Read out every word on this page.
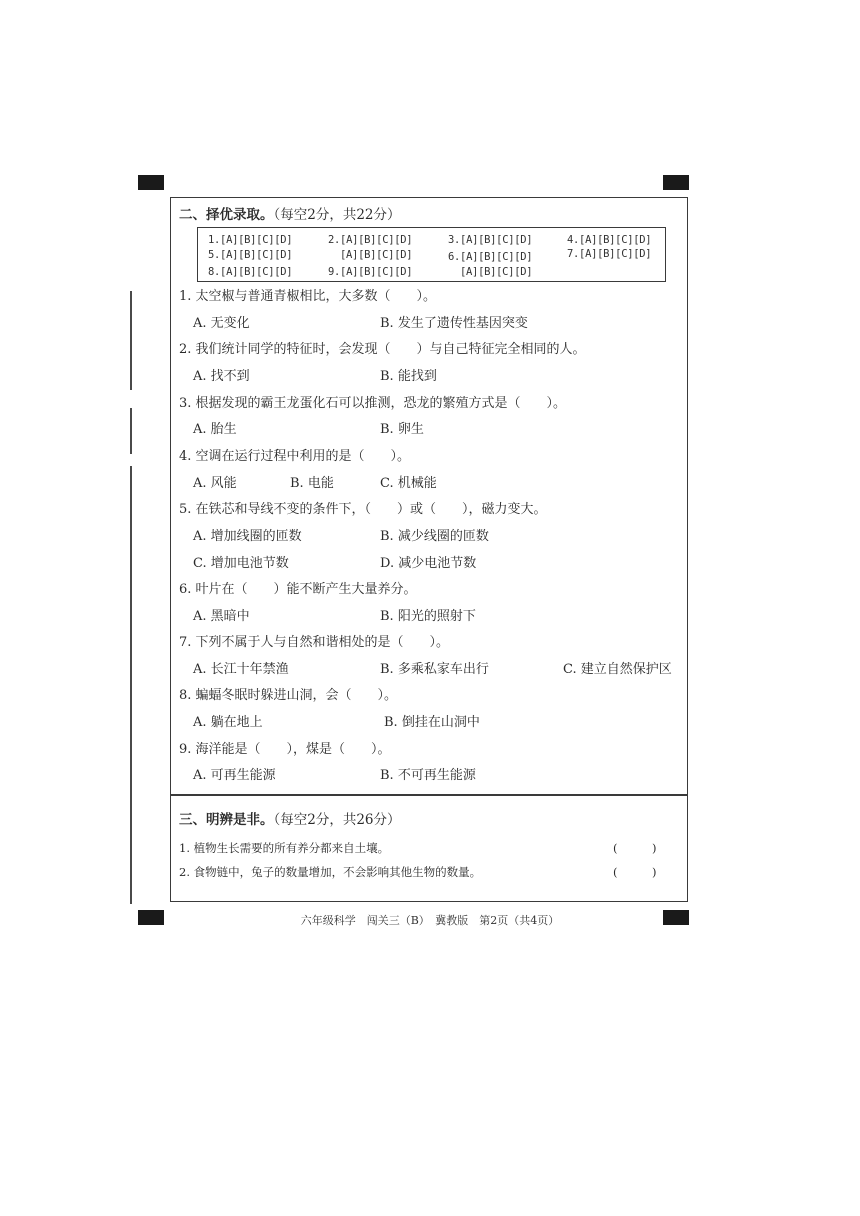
二、择优录取。（每空2分，共22分）
1.[A][B][C][D]	2.[A][B][C][D]	3.[A][B][C][D]	4.[A][B][C][D]
5.[A][B][C][D]	[A][B][C][D]	6.[A][B][C][D]	7.[A][B][C][D]
8.[A][B][C][D]	9.[A][B][C][D]	[A][B][C][D]
1. 太空椒与普通青椒相比，大多数（　　）。
A. 无变化	B. 发生了遗传性基因突变
2. 我们统计同学的特征时，会发现（　　）与自己特征完全相同的人。
A. 找不到	B. 能找到
3. 根据发现的霸王龙蛋化石可以推测，恐龙的繁殖方式是（　　）。
A. 胎生	B. 卵生
4. 空调在运行过程中利用的是（　　）。
A. 风能	B. 电能	C. 机械能
5. 在铁芯和导线不变的条件下，（　　）或（　　），磁力变大。
A. 增加线圈的匝数	B. 减少线圈的匝数
C. 增加电池节数	D. 减少电池节数
6. 叶片在（　　）能不断产生大量养分。
A. 黑暗中	B. 阳光的照射下
7. 下列不属于人与自然和谐相处的是（　　）。
A. 长江十年禁渔	B. 多乘私家车出行	C. 建立自然保护区
8. 蝙蝠冬眠时躲进山洞，会（　　）。
A. 躺在地上	B. 倒挂在山洞中
9. 海洋能是（　　），煤是（　　）。
A. 可再生能源	B. 不可再生能源
三、明辨是非。（每空2分，共26分）
1. 植物生长需要的所有养分都来自土壤。	(　　　)
2. 食物链中，兔子的数量增加，不会影响其他生物的数量。	(　　　)
六年级科学　闯关三（B）　冀教版　第2页（共4页）
